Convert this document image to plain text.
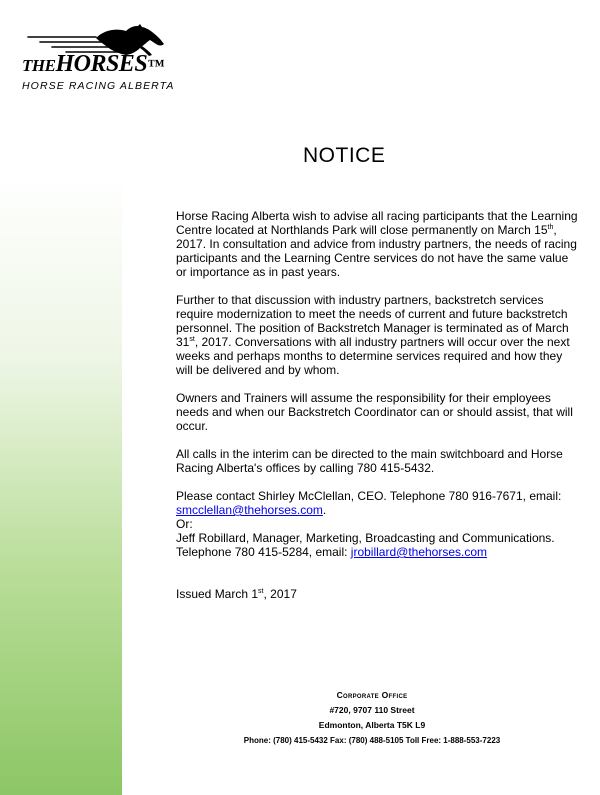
THEHORSES™
HORSE RACING ALBERTA
NOTICE

Horse Racing Alberta wish to advise all racing participants that the Learning Centre located at Northlands Park will close permanently on March 15th, 2017. In consultation and advice from industry partners, the needs of racing participants and the Learning Centre services do not have the same value or importance as in past years.

Further to that discussion with industry partners, backstretch services require modernization to meet the needs of current and future backstretch personnel. The position of Backstretch Manager is terminated as of March 31st, 2017. Conversations with all industry partners will occur over the next weeks and perhaps months to determine services required and how they will be delivered and by whom.

Owners and Trainers will assume the responsibility for their employees needs and when our Backstretch Coordinator can or should assist, that will occur.

All calls in the interim can be directed to the main switchboard and Horse Racing Alberta's offices by calling 780 415-5432.

Please contact Shirley McClellan, CEO. Telephone 780 916-7671, email: smcclellan@thehorses.com.
Or:
Jeff Robillard, Manager, Marketing, Broadcasting and Communications.
Telephone 780 415-5284, email: jrobillard@thehorses.com

Issued March 1st, 2017

Corporate Office
#720, 9707 110 Street
Edmonton, Alberta T5K L9
Phone: (780) 415-5432 Fax: (780) 488-5105 Toll Free: 1-888-553-7223
